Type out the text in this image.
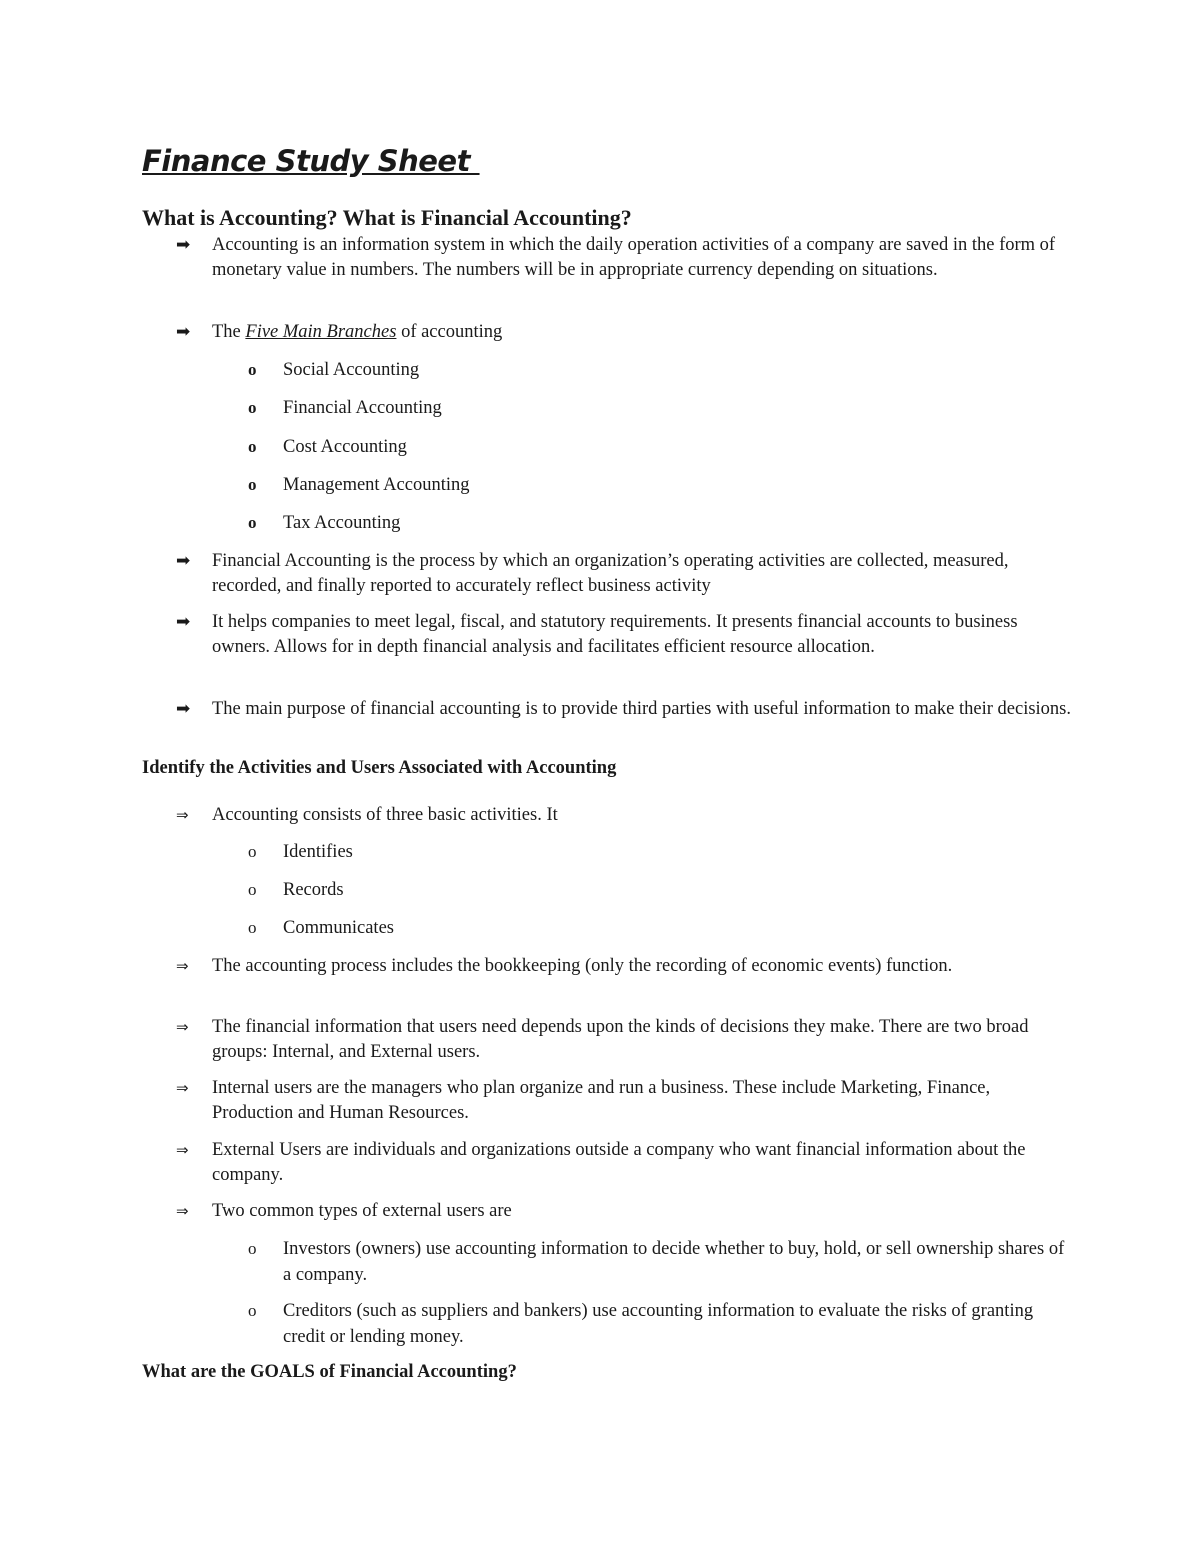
Finance Study Sheet
What is Accounting? What is Financial Accounting?
➡ Accounting is an information system in which the daily operation activities of a company are saved in the form of monetary value in numbers. The numbers will be in appropriate currency depending on situations.
➡ The Five Main Branches of accounting
o Social Accounting
o Financial Accounting
o Cost Accounting
o Management Accounting
o Tax Accounting
➡ Financial Accounting is the process by which an organization’s operating activities are collected, measured, recorded, and finally reported to accurately reflect business activity
➡ It helps companies to meet legal, fiscal, and statutory requirements. It presents financial accounts to business owners. Allows for in depth financial analysis and facilitates efficient resource allocation.
➡ The main purpose of financial accounting is to provide third parties with useful information to make their decisions.
Identify the Activities and Users Associated with Accounting
⇒ Accounting consists of three basic activities. It
o Identifies
o Records
o Communicates
⇒ The accounting process includes the bookkeeping (only the recording of economic events) function.
⇒ The financial information that users need depends upon the kinds of decisions they make. There are two broad groups: Internal, and External users.
⇒ Internal users are the managers who plan organize and run a business. These include Marketing, Finance, Production and Human Resources.
⇒ External Users are individuals and organizations outside a company who want financial information about the company.
⇒ Two common types of external users are
o Investors (owners) use accounting information to decide whether to buy, hold, or sell ownership shares of a company.
o Creditors (such as suppliers and bankers) use accounting information to evaluate the risks of granting credit or lending money.
What are the GOALS of Financial Accounting?
